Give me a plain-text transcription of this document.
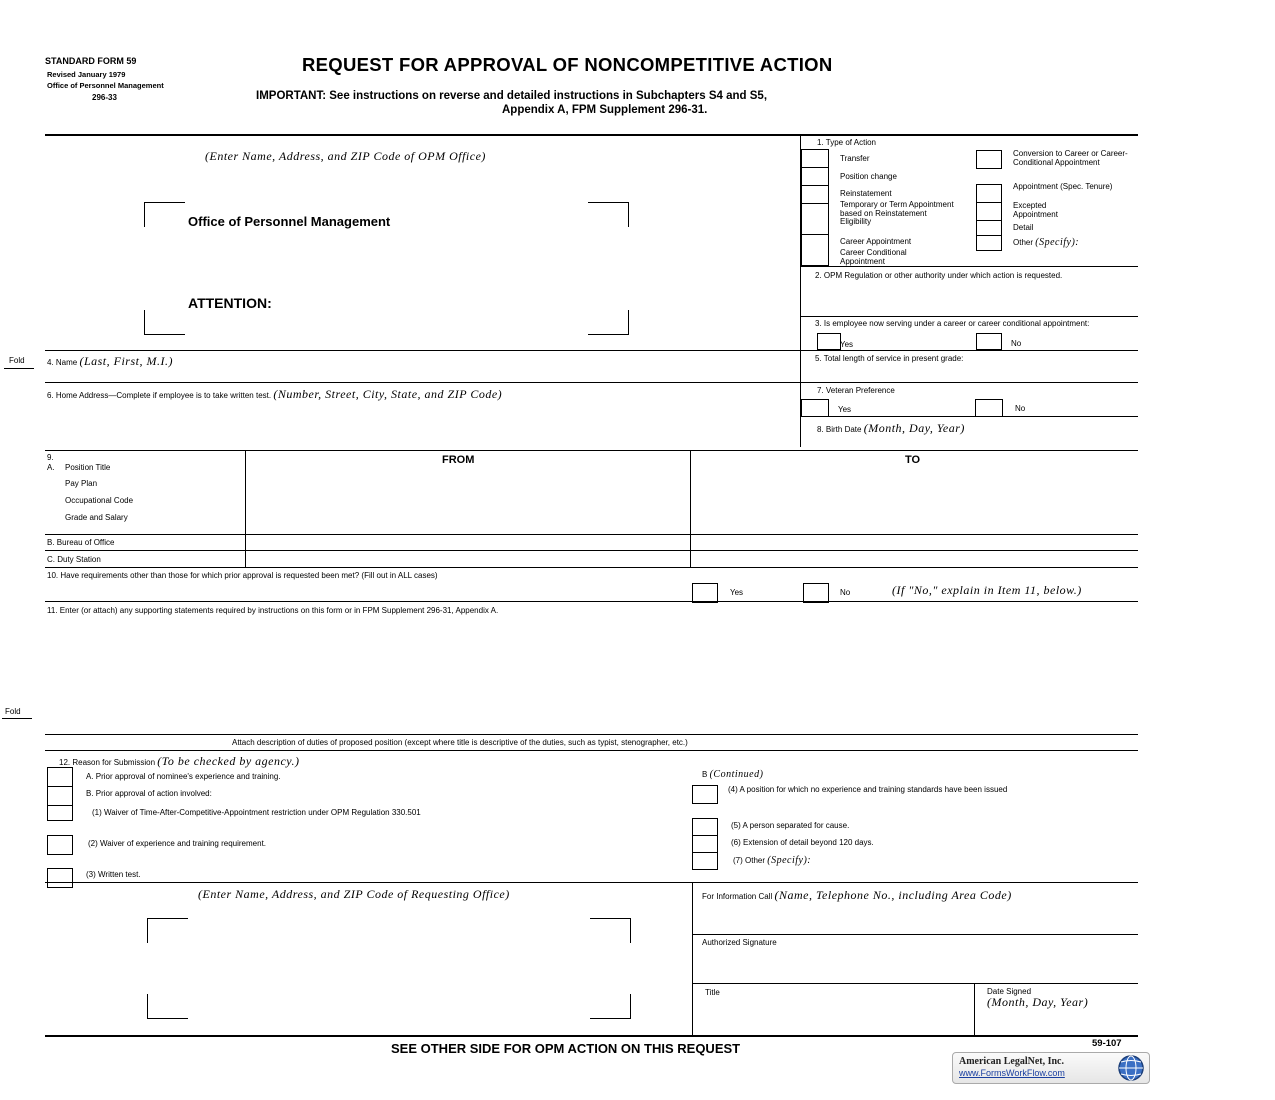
STANDARD FORM 59
Revised January 1979
Office of Personnel Management
296-33
REQUEST FOR APPROVAL OF NONCOMPETITIVE ACTION
IMPORTANT: See instructions on reverse and detailed instructions in Subchapters S4 and S5,
Appendix A, FPM Supplement 296-31.
Fold
Fold
(Enter Name, Address, and ZIP Code of OPM Office)
Office of Personnel Management
ATTENTION:
1. Type of Action
Transfer
Position change
Reinstatement
Temporary or Term Appointment based on Reinstatement Eligibility
Career Appointment
Career Conditional Appointment
Conversion to Career or Career-Conditional Appointment
Appointment (Spec. Tenure)
Excepted Appointment
Detail
Other (Specify):
2. OPM Regulation or other authority under which action is requested.
3. Is employee now serving under a career or career conditional appointment:
Yes	No
4. Name (Last, First, M.I.)	5. Total length of service in present grade:
6. Home Address—Complete if employee is to take written test. (Number, Street, City, State, and ZIP Code)	7. Veteran Preference
Yes	No
8. Birth Date (Month, Day, Year)
9.
A. Position Title
Pay Plan
Occupational Code
Grade and Salary
FROM	TO
B. Bureau of Office
C. Duty Station
10. Have requirements other than those for which prior approval is requested been met? (Fill out in ALL cases)
Yes	No	(If "No," explain in Item 11, below.)
11. Enter (or attach) any supporting statements required by instructions on this form or in FPM Supplement 296-31, Appendix A.
Attach description of duties of proposed position (except where title is descriptive of the duties, such as typist, stenographer, etc.)
12. Reason for Submission (To be checked by agency.)
A. Prior approval of nominee's experience and training.
B. Prior approval of action involved:
(1) Waiver of Time-After-Competitive-Appointment restriction under OPM Regulation 330.501
(2) Waiver of experience and training requirement.
(3) Written test.
B (Continued)
(4) A position for which no experience and training standards have been issued
(5) A person separated for cause.
(6) Extension of detail beyond 120 days.
(7) Other (Specify):
(Enter Name, Address, and ZIP Code of Requesting Office)	For Information Call (Name, Telephone No., including Area Code)
Authorized Signature
Title	Date Signed
(Month, Day, Year)
SEE OTHER SIDE FOR OPM ACTION ON THIS REQUEST	59-107
American LegalNet, Inc.
www.FormsWorkFlow.com
